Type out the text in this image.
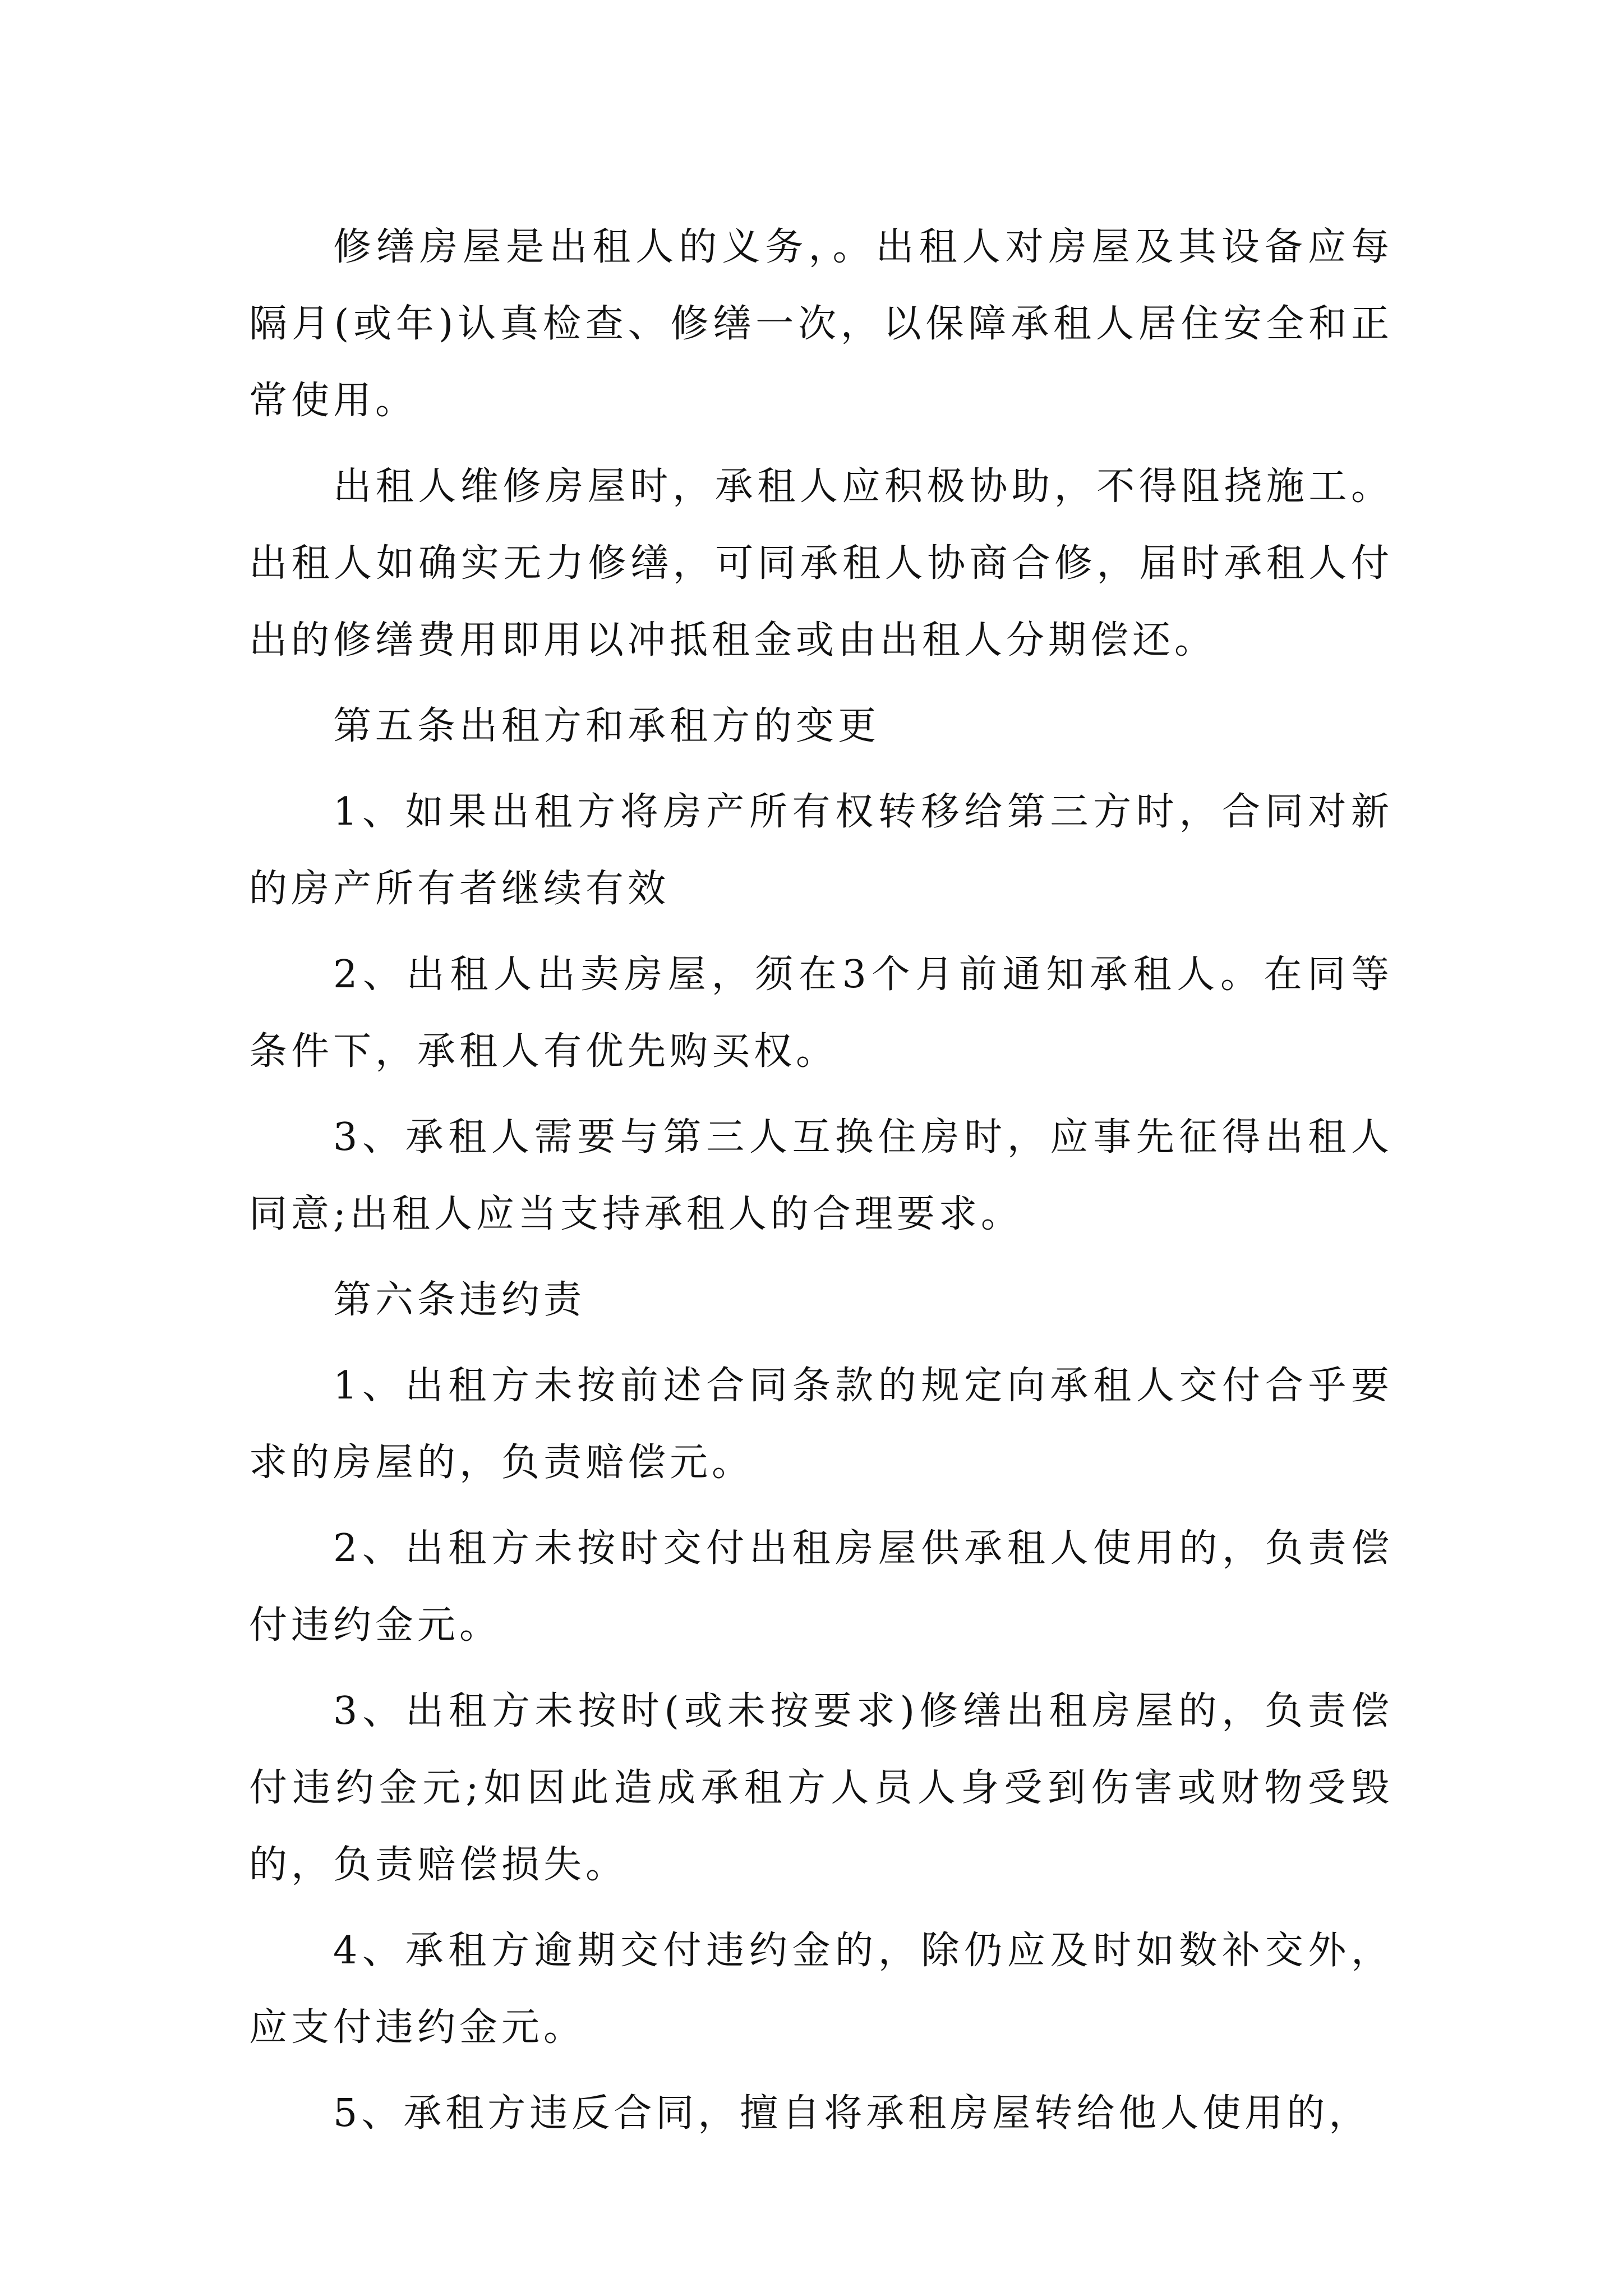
修缮房屋是出租人的义务，。出租人对房屋及其设备应每隔月(或年)认真检查、修缮一次，以保障承租人居住安全和正常使用。

出租人维修房屋时，承租人应积极协助，不得阻挠施工。出租人如确实无力修缮，可同承租人协商合修，届时承租人付出的修缮费用即用以冲抵租金或由出租人分期偿还。

第五条出租方和承租方的变更

1、如果出租方将房产所有权转移给第三方时，合同对新的房产所有者继续有效

2、出租人出卖房屋，须在3个月前通知承租人。在同等条件下，承租人有优先购买权。

3、承租人需要与第三人互换住房时，应事先征得出租人同意;出租人应当支持承租人的合理要求。

第六条违约责

1、出租方未按前述合同条款的规定向承租人交付合乎要求的房屋的，负责赔偿元。

2、出租方未按时交付出租房屋供承租人使用的，负责偿付违约金元。

3、出租方未按时(或未按要求)修缮出租房屋的，负责偿付违约金元;如因此造成承租方人员人身受到伤害或财物受毁的，负责赔偿损失。

4、承租方逾期交付违约金的，除仍应及时如数补交外，应支付违约金元。

5、承租方违反合同，擅自将承租房屋转给他人使用的，
